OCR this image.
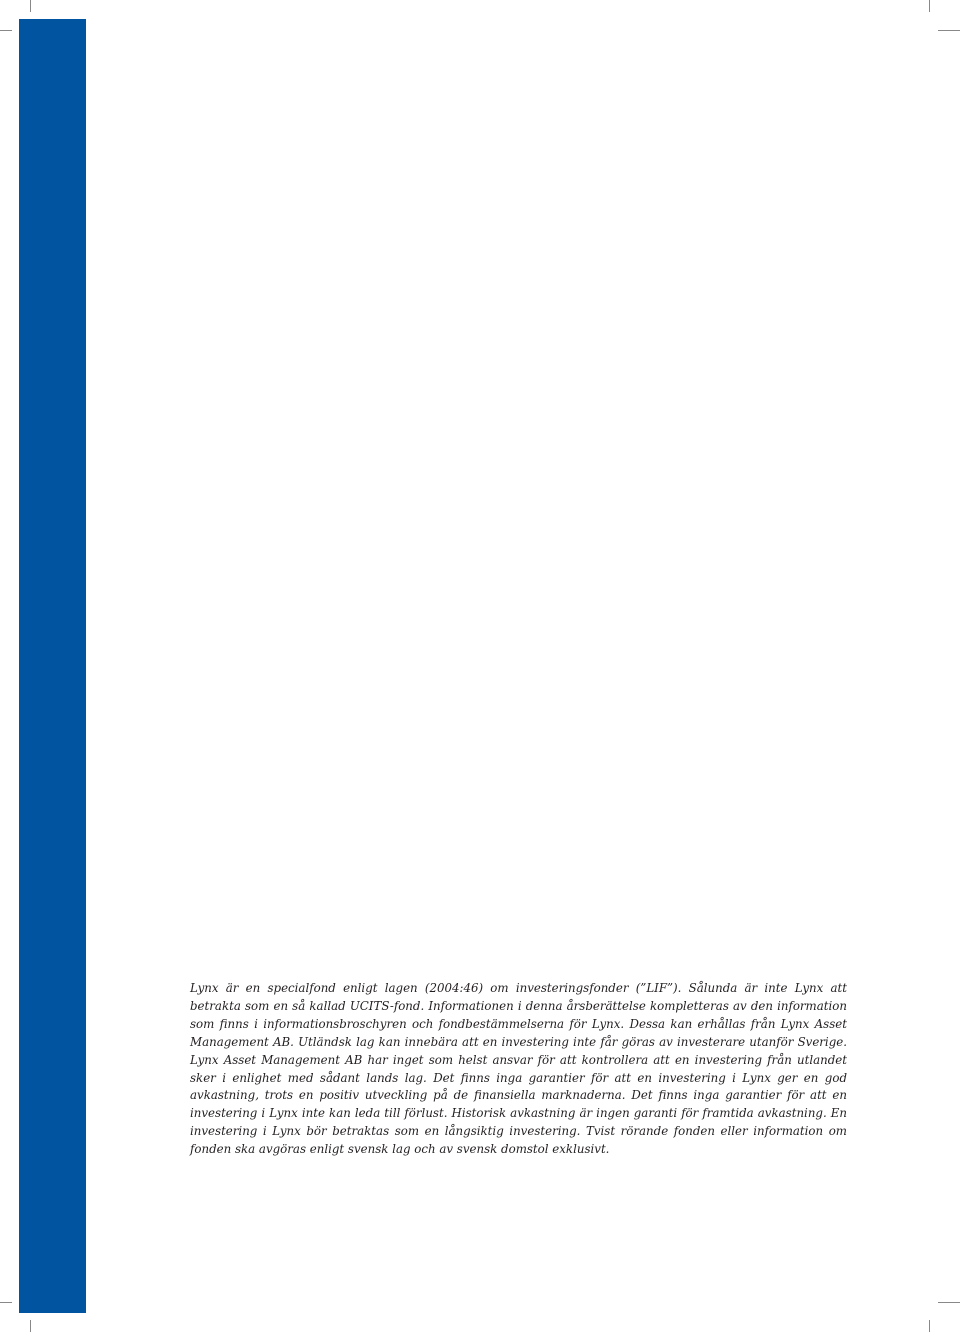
Lynx är en specialfond enligt lagen (2004:46) om investeringsfonder (”LIF”). Sålunda är inte Lynx att betrakta som en så kallad UCITS-fond. Informationen i denna årsberättelse kompletteras av den information som finns i informationsbroschyren och fondbestämmelserna för Lynx. Dessa kan erhållas från Lynx Asset Management AB. Utländsk lag kan innebära att en investering inte får göras av investerare utanför Sverige. Lynx Asset Management AB har inget som helst ansvar för att kontrollera att en investering från utlandet sker i enlighet med sådant lands lag. Det finns inga garantier för att en investering i Lynx ger en god avkastning, trots en positiv utveckling på de finansiella marknaderna. Det finns inga garantier för att en investering i Lynx inte kan leda till förlust. Historisk avkastning är ingen garanti för framtida avkastning. En investering i Lynx bör betraktas som en långsiktig investering. Tvist rörande fonden eller information om fonden ska avgöras enligt svensk lag och av svensk domstol exklusivt.
